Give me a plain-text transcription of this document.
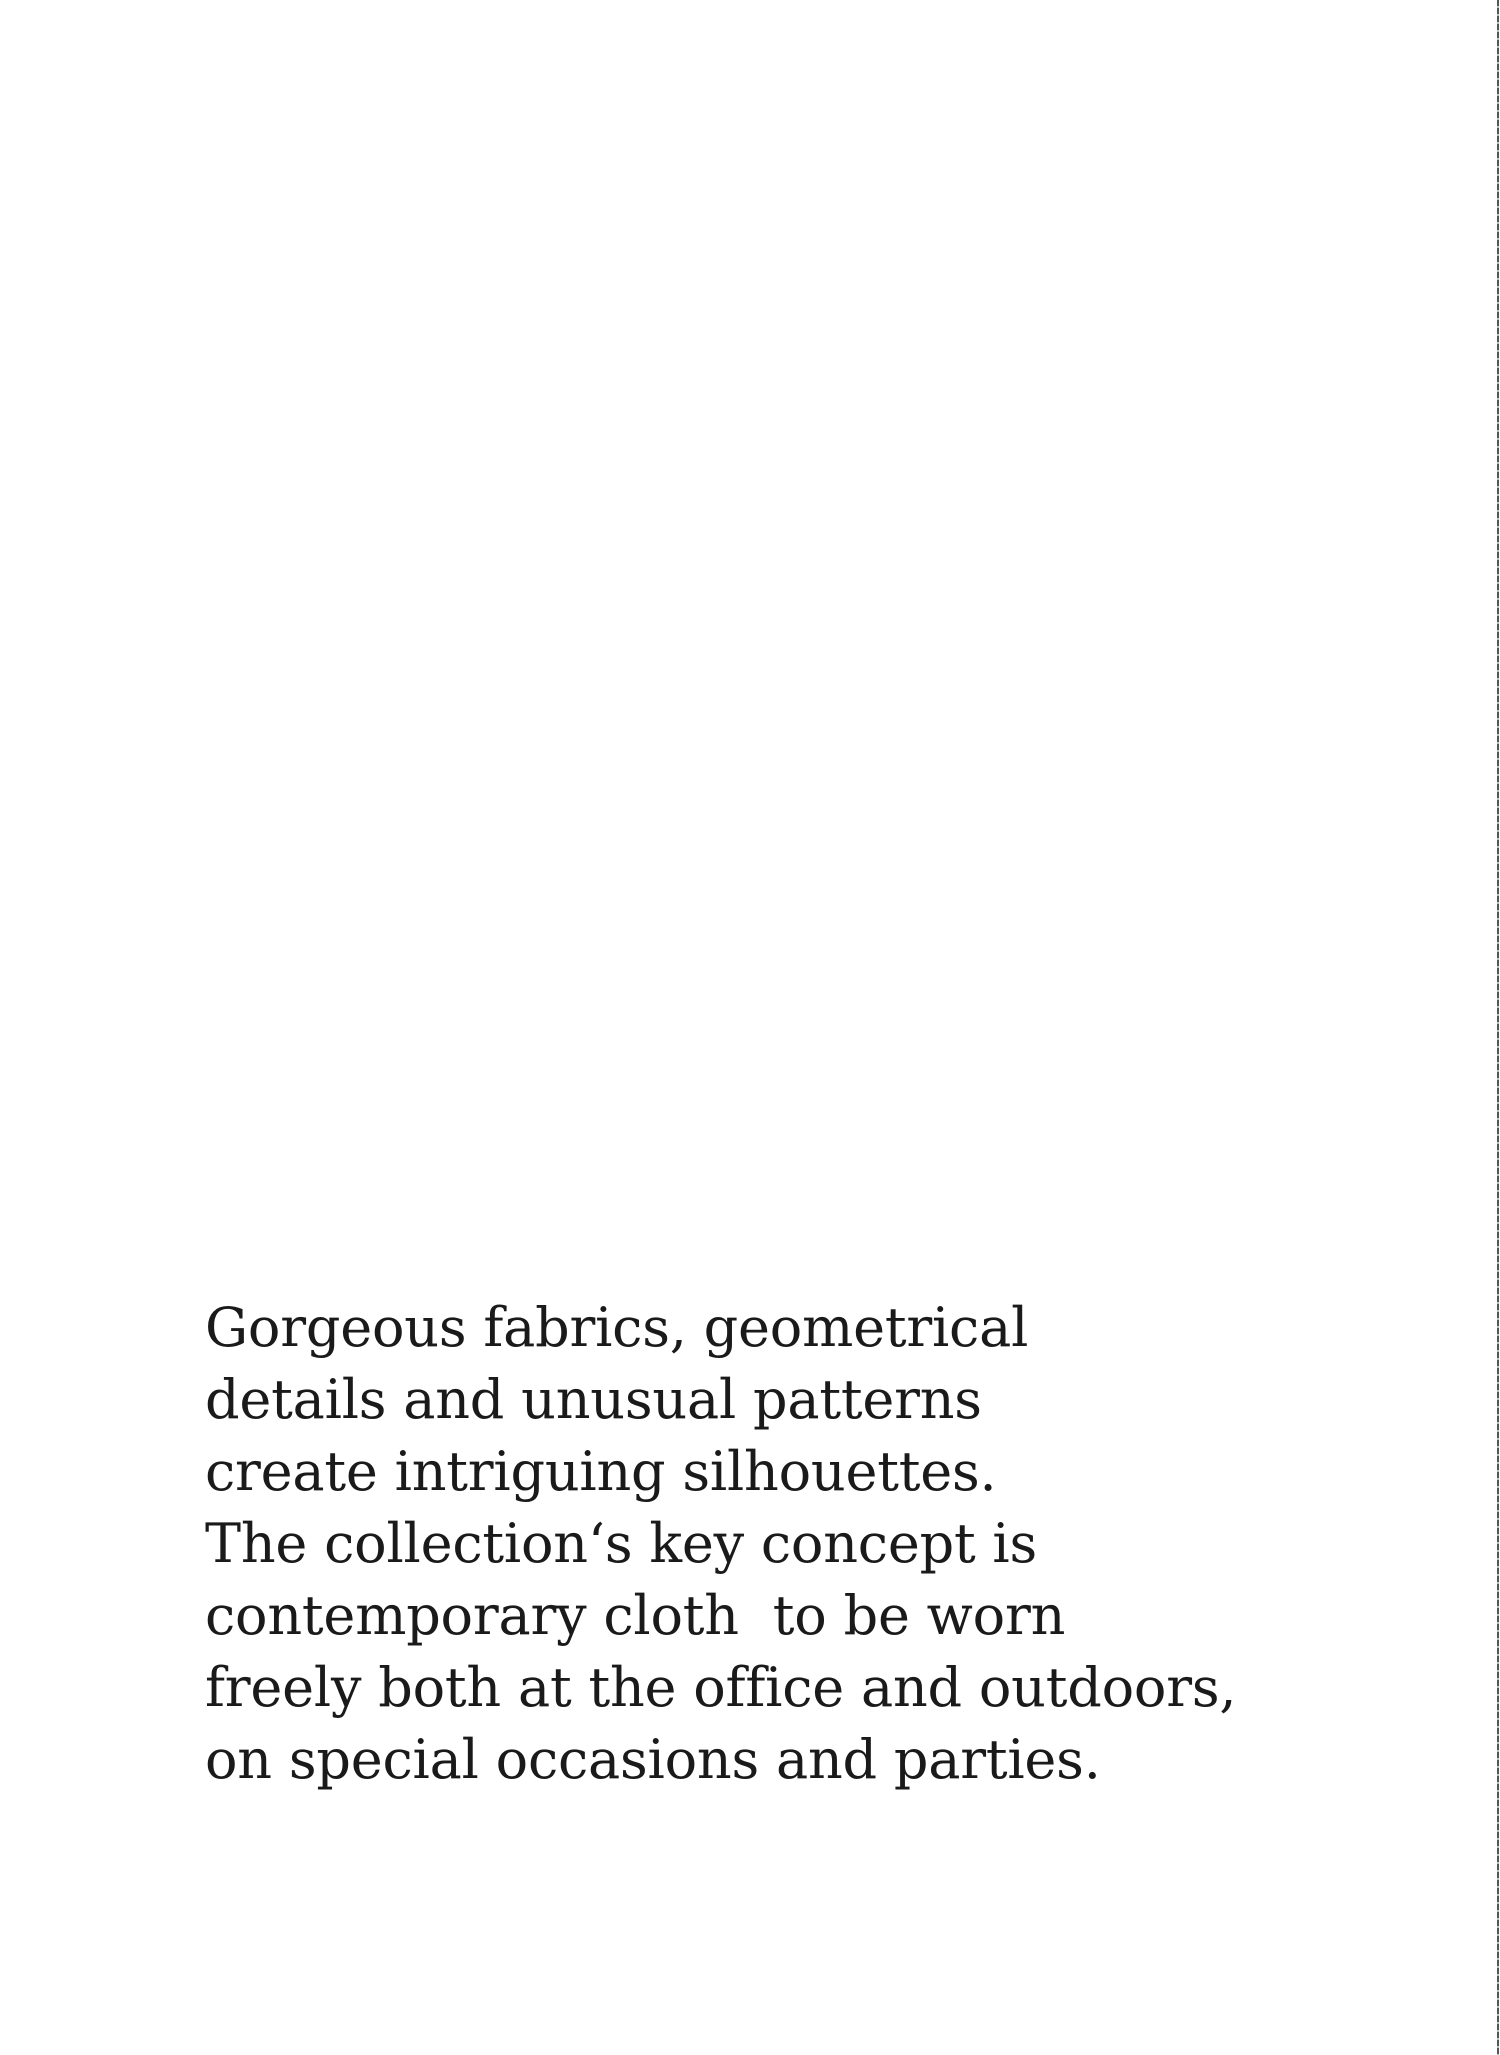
Gorgeous fabrics, geometrical
details and unusual patterns
create intriguing silhouettes.
The collection‘s key concept is
contemporary cloth  to be worn
freely both at the office and outdoors,
on special occasions and parties.
